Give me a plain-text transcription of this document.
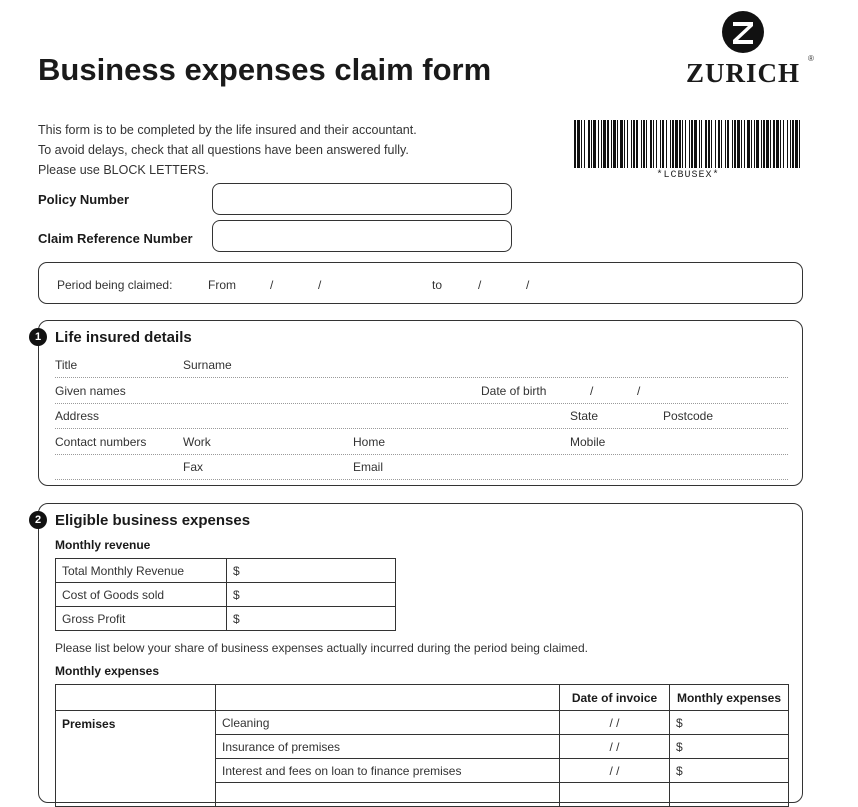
Business expenses claim form	ZURICH ®
This form is to be completed by the life insured and their accountant.
To avoid delays, check that all questions have been answered fully.
Please use BLOCK LETTERS.	*LCBUSEX*
Policy Number
Claim Reference Number
Period being claimed:	From	/	/	to	/	/
1 Life insured details
Title	Surname
Given names	Date of birth	/	/
Address	State	Postcode
Contact numbers	Work	Home	Mobile
Fax	Email
2 Eligible business expenses
Monthly revenue
Total Monthly Revenue	$
Cost of Goods sold	$
Gross Profit	$
Please list below your share of business expenses actually incurred during the period being claimed.
Monthly expenses
		Date of invoice	Monthly expenses
Premises	Cleaning	/ /	$
	Insurance of premises	/ /	$
	Interest and fees on loan to finance premises	/ /	$
